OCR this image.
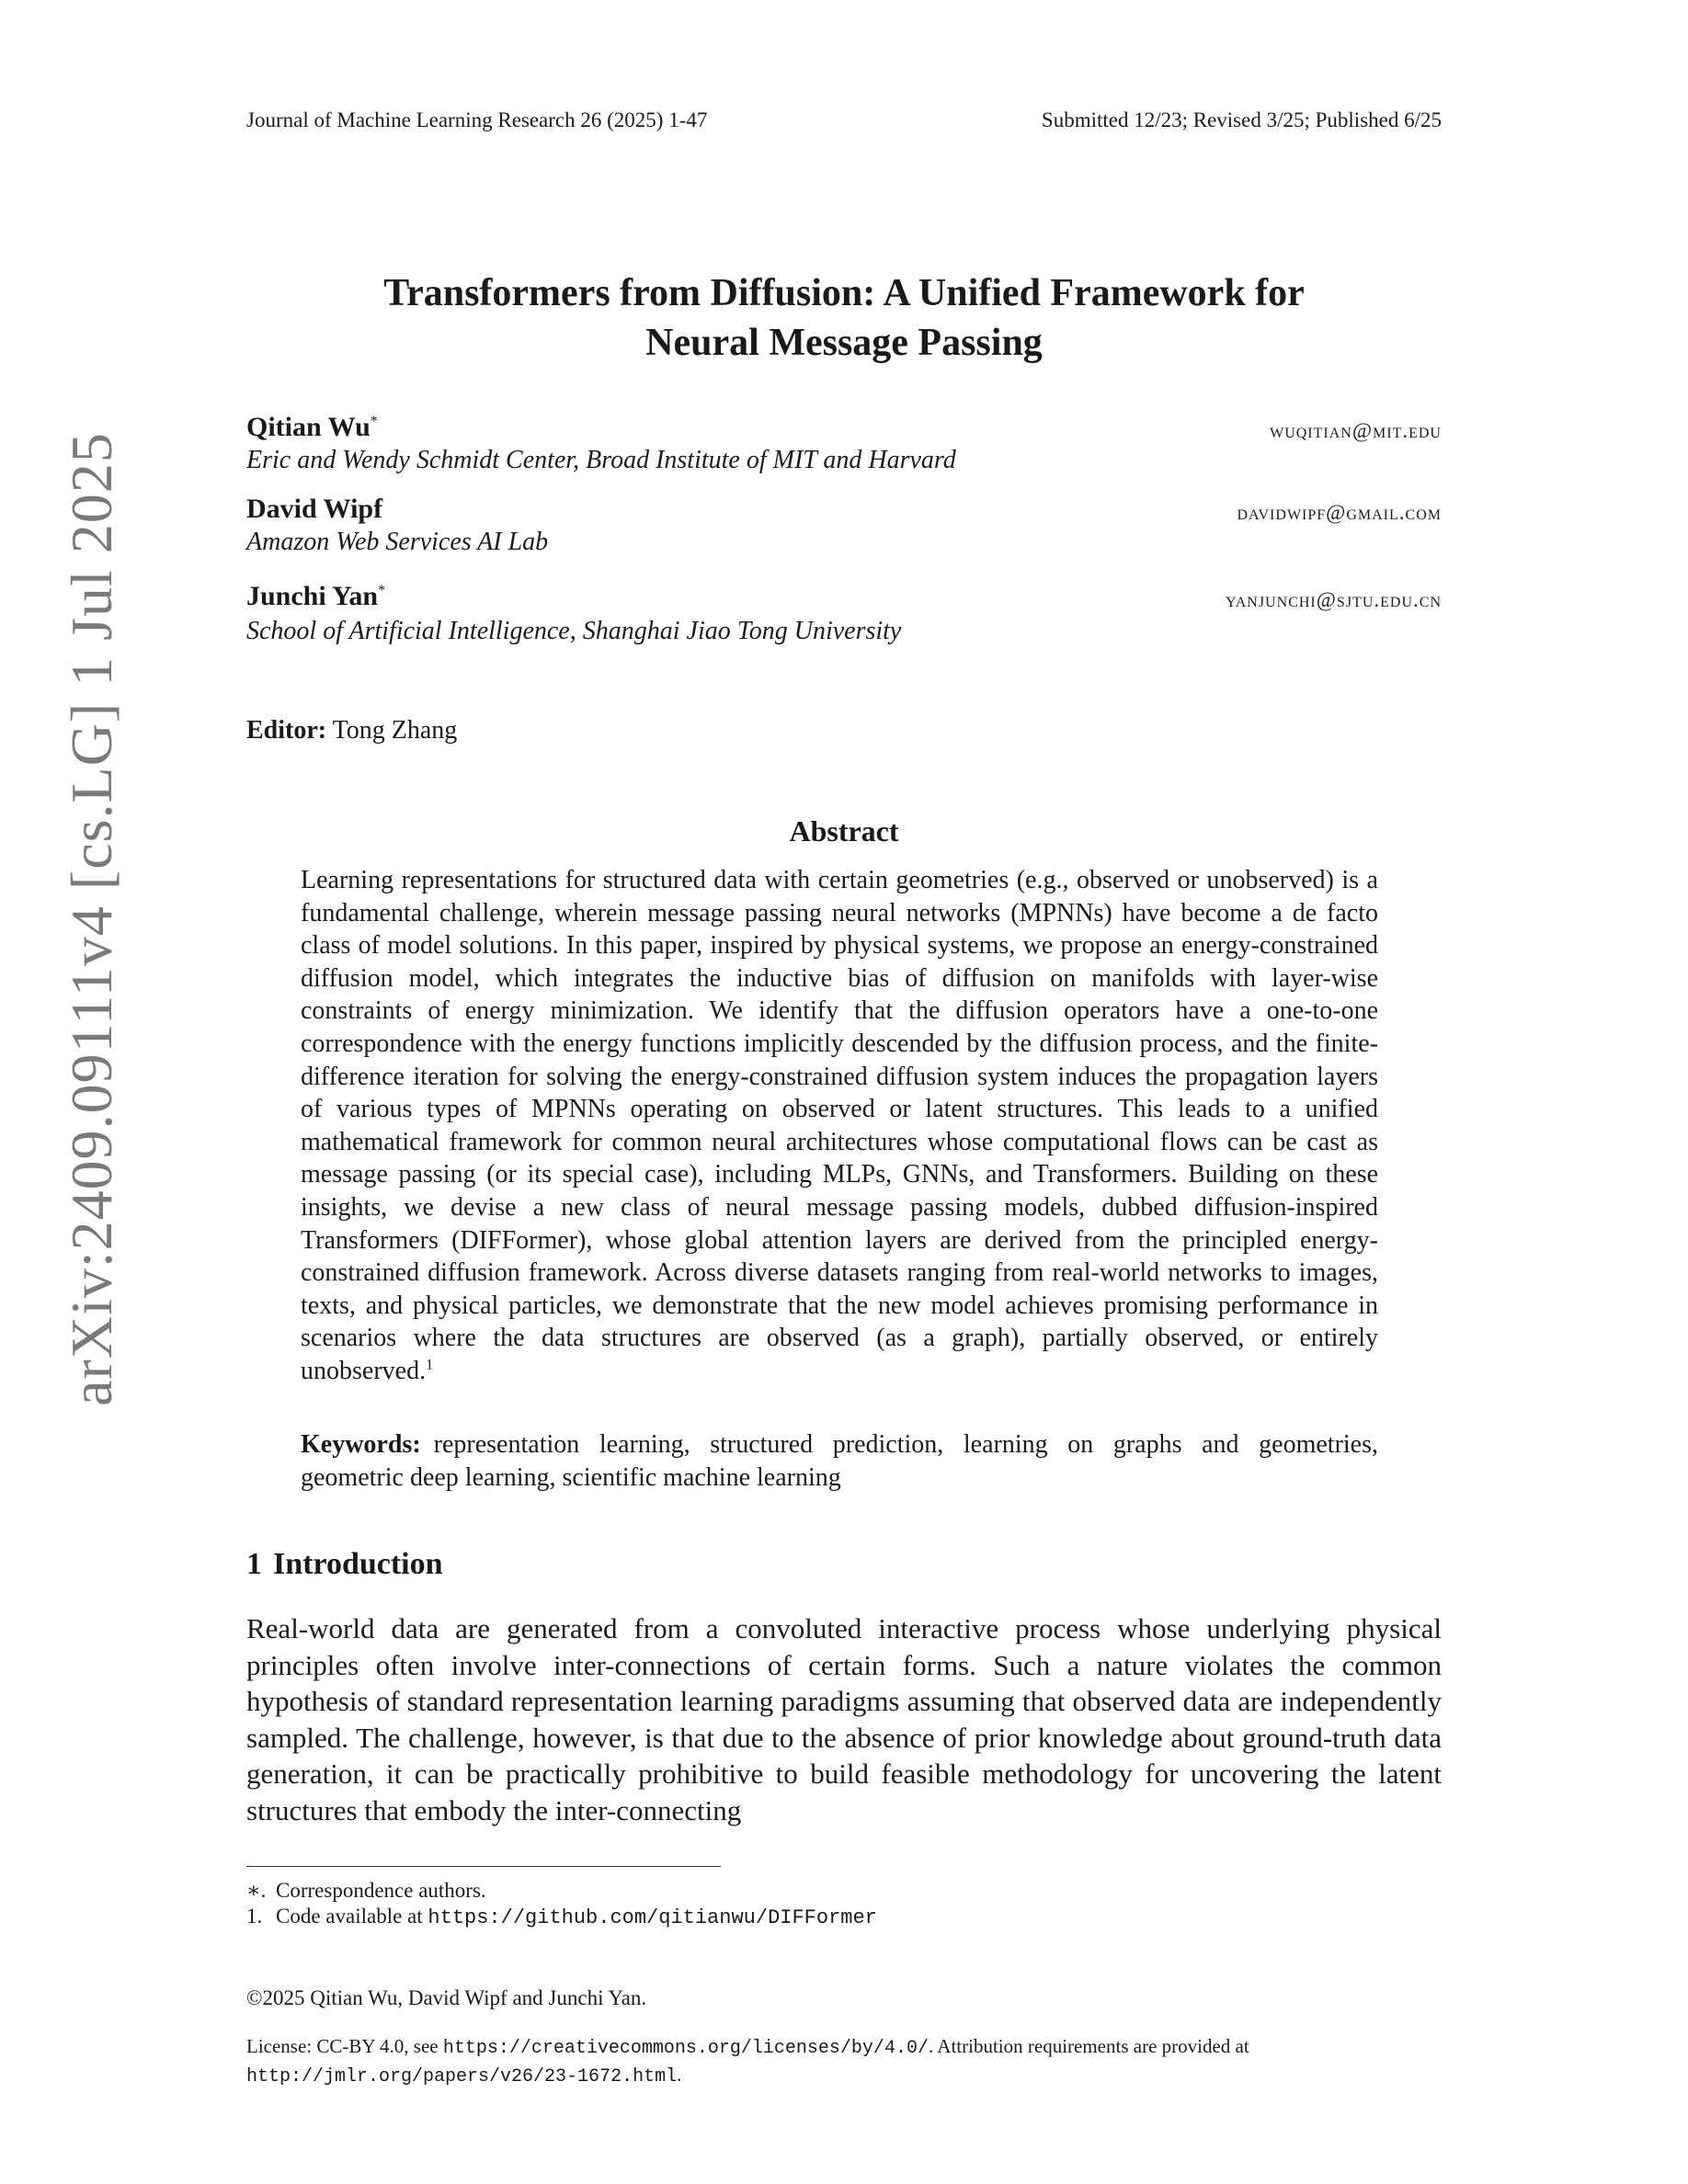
Journal of Machine Learning Research 26 (2025) 1-47	Submitted 12/23; Revised 3/25; Published 6/25
arXiv:2409.09111v4 [cs.LG] 1 Jul 2025
Transformers from Diffusion: A Unified Framework for
Neural Message Passing
Qitian Wu*	wuqitian@mit.edu
Eric and Wendy Schmidt Center, Broad Institute of MIT and Harvard
David Wipf	davidwipf@gmail.com
Amazon Web Services AI Lab
Junchi Yan*	yanjunchi@sjtu.edu.cn
School of Artificial Intelligence, Shanghai Jiao Tong University
Editor: Tong Zhang
Abstract
Learning representations for structured data with certain geometries (e.g., observed or unobserved) is a fundamental challenge, wherein message passing neural networks (MPNNs) have become a de facto class of model solutions. In this paper, inspired by physical systems, we propose an energy-constrained diffusion model, which integrates the inductive bias of diffusion on manifolds with layer-wise constraints of energy minimization. We identify that the diffusion operators have a one-to-one correspondence with the energy functions implicitly descended by the diffusion process, and the finite-difference iteration for solving the energy-constrained diffusion system induces the propagation layers of various types of MPNNs operating on observed or latent structures. This leads to a unified mathematical framework for common neural architectures whose computational flows can be cast as message passing (or its special case), including MLPs, GNNs, and Transformers. Building on these insights, we devise a new class of neural message passing models, dubbed diffusion-inspired Transformers (DIFFormer), whose global attention layers are derived from the principled energy-constrained diffusion framework. Across diverse datasets ranging from real-world networks to images, texts, and physical particles, we demonstrate that the new model achieves promising performance in scenarios where the data structures are observed (as a graph), partially observed, or entirely unobserved.$^1$
Keywords: representation learning, structured prediction, learning on graphs and geometries, geometric deep learning, scientific machine learning
1 Introduction
Real-world data are generated from a convoluted interactive process whose underlying physical principles often involve inter-connections of certain forms. Such a nature violates the common hypothesis of standard representation learning paradigms assuming that observed data are independently sampled. The challenge, however, is that due to the absence of prior knowledge about ground-truth data generation, it can be practically prohibitive to build feasible methodology for uncovering the latent structures that embody the inter-connecting
∗. Correspondence authors.
1. Code available at https://github.com/qitianwu/DIFFormer
©2025 Qitian Wu, David Wipf and Junchi Yan.
License: CC-BY 4.0, see https://creativecommons.org/licenses/by/4.0/. Attribution requirements are provided at
http://jmlr.org/papers/v26/23-1672.html.
